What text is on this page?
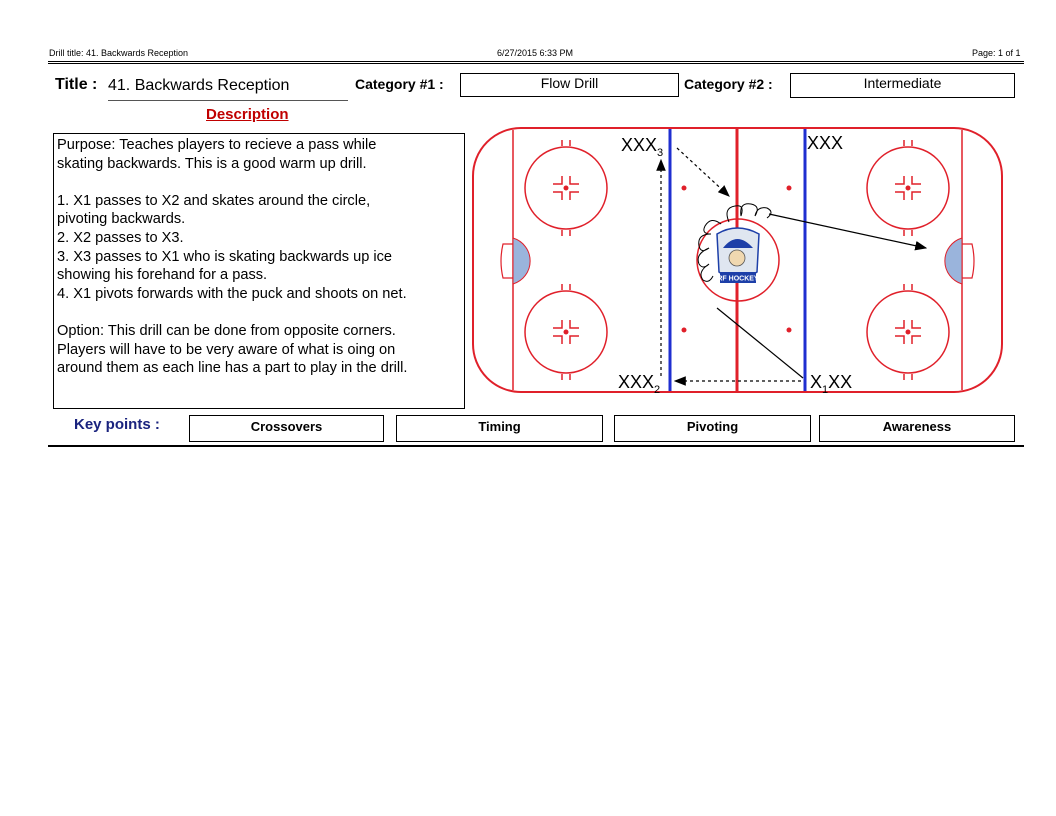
Drill title: 41. Backwards Reception	6/27/2015 6:33 PM	Page: 1 of 1
Title : 41. Backwards Reception	Category #1 :	Flow Drill	Category #2 :	Intermediate
Description

Purpose: Teaches players to recieve a pass while

skating backwards. This is a good warm up drill.

1. X1 passes to X2 and skates around the circle,

pivoting backwards.

2. X2 passes to X3.

3. X3 passes to X1 who is skating backwards up ice

showing his forehand for a pass.

4. X1 pivots forwards with the puck and shoots on net.

Option: This drill can be done from opposite corners.

Players will have to be very aware of what is oing on

around them as each line has a part to play in the drill.

RF HOCKEY
$XXX_3$	XXX
$XXX_2$	$X_1XX$
Key points :	Crossovers	Timing	Pivoting	Awareness
